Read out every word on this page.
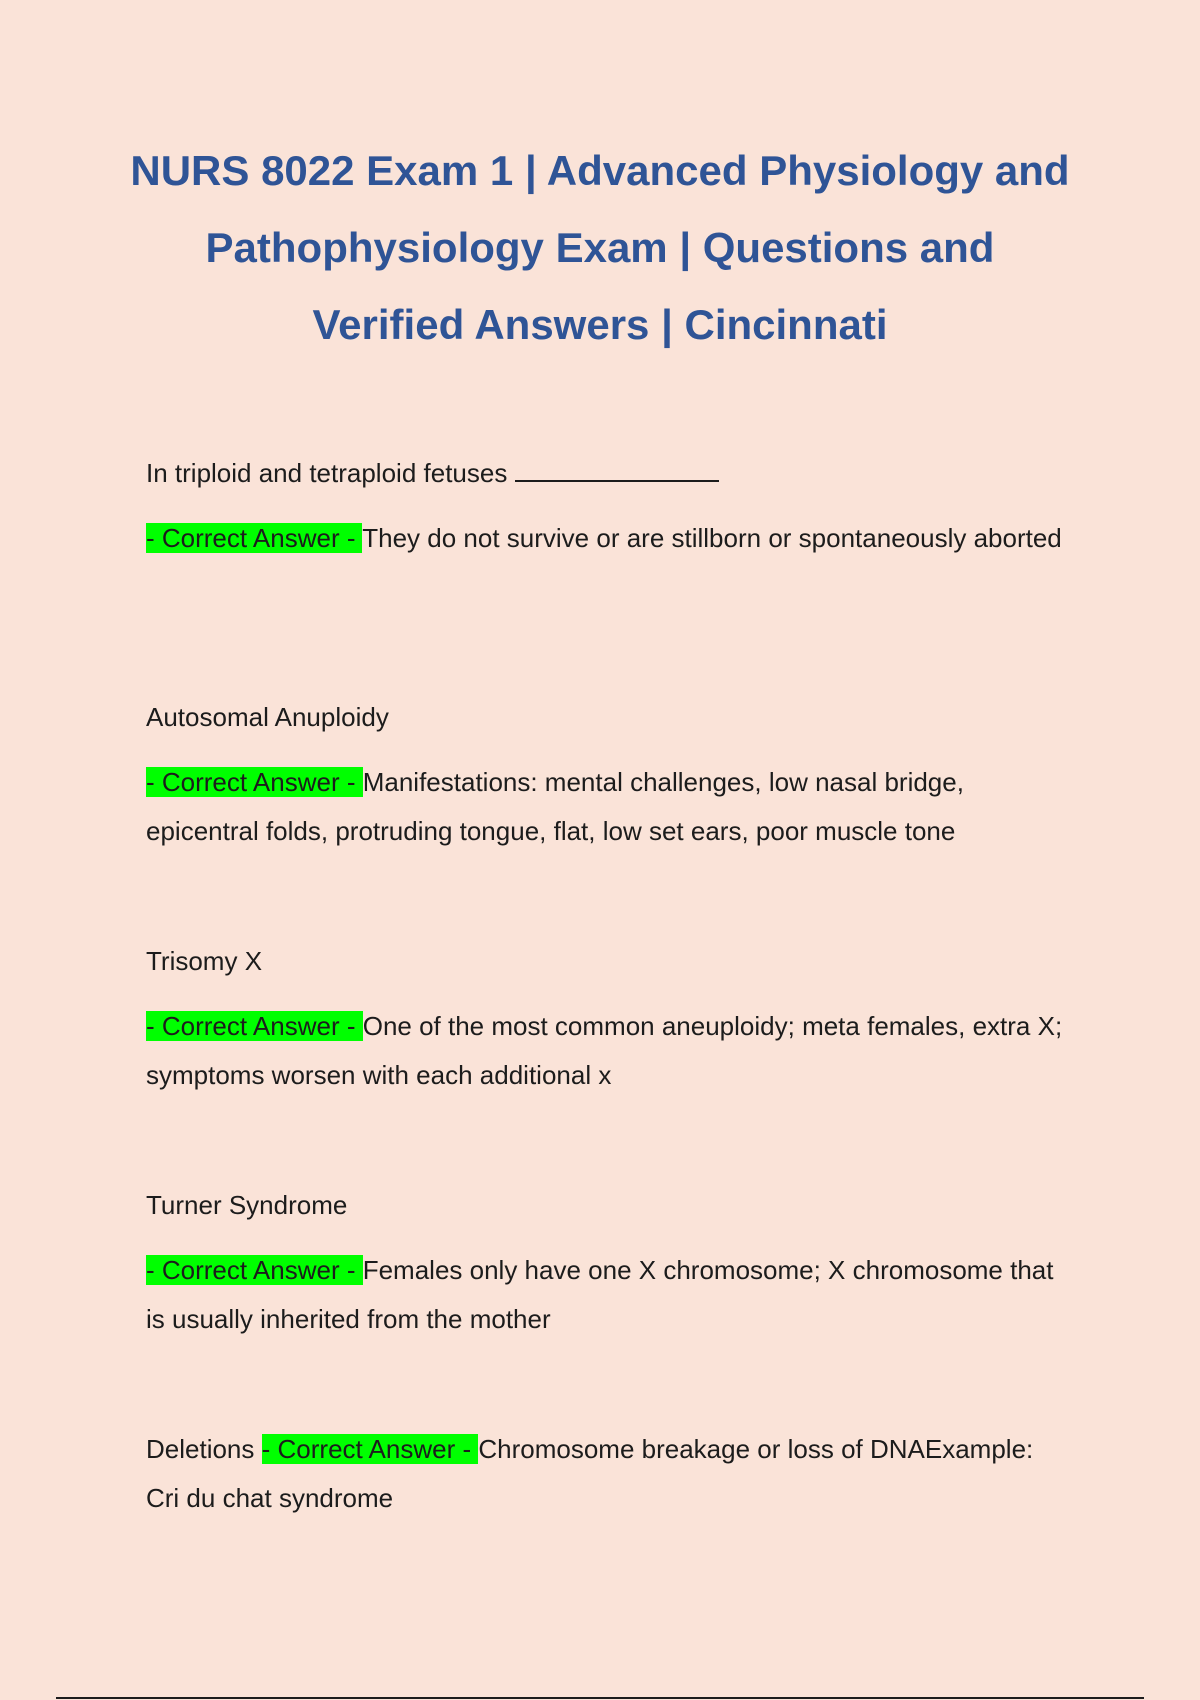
NURS 8022 Exam 1 | Advanced Physiology and Pathophysiology Exam | Questions and Verified Answers | Cincinnati

In triploid and tetraploid fetuses

- Correct Answer - They do not survive or are stillborn or spontaneously aborted

Autosomal Anuploidy

- Correct Answer - Manifestations: mental challenges, low nasal bridge, epicentral folds, protruding tongue, flat, low set ears, poor muscle tone

Trisomy X

- Correct Answer - One of the most common aneuploidy; meta females, extra X; symptoms worsen with each additional x

Turner Syndrome

- Correct Answer - Females only have one X chromosome; X chromosome that is usually inherited from the mother

Deletions - Correct Answer - Chromosome breakage or loss of DNAExample: Cri du chat syndrome
